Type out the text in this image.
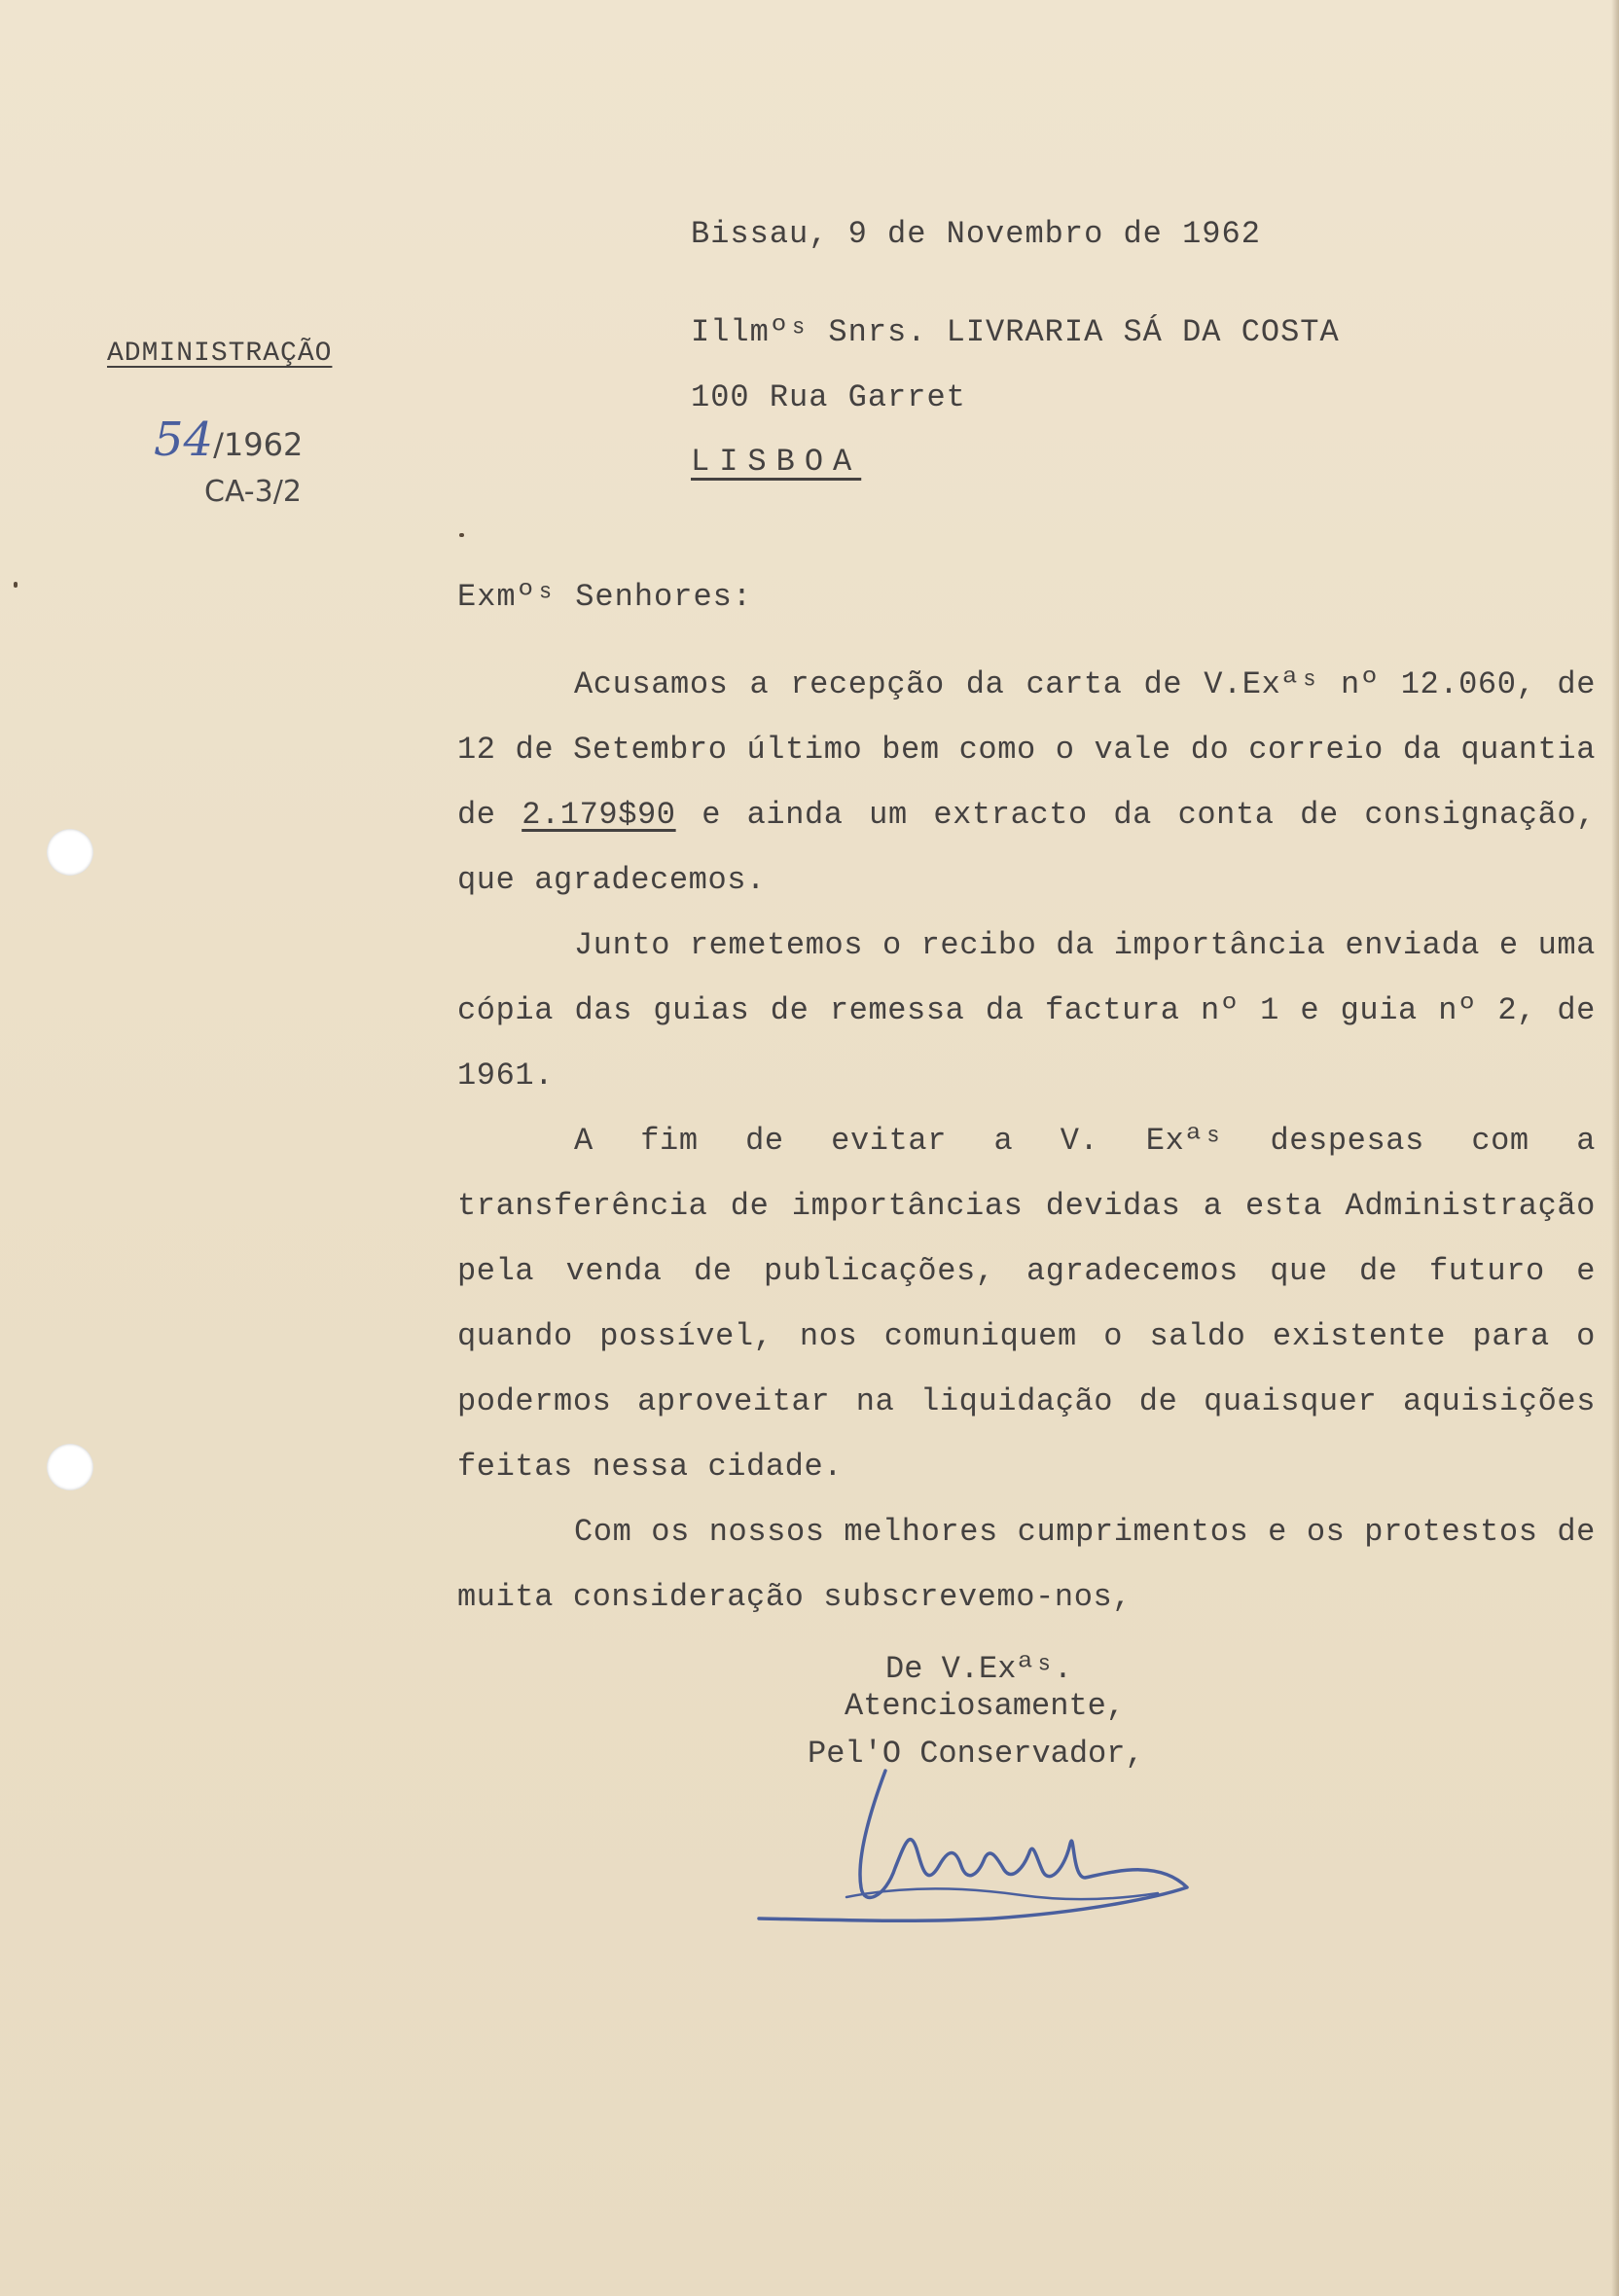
Bissau, 9 de Novembro de 1962
Illmºˢ Snrs. LIVRARIA SÁ DA COSTA
100 Rua Garret
LISBOA
ADMINISTRAÇÃO
54/1962
CA-3/2
Exmºˢ Senhores:

Acusamos a recepção da carta de V.Exªˢ nº 12.060, de 12 de Setembro último bem como o vale do correio da quantia de 2.179$90 e ainda um extracto da conta de consignação, que agradecemos.

Junto remetemos o recibo da importância enviada e uma cópia das guias de remessa da factura nº 1 e guia nº 2, de 1961.

A fim de evitar a V. Exªˢ despesas com a transferência de importâncias devidas a esta Administração pela venda de publicações, agradecemos que de futuro e quando possível, nos comuniquem o saldo existente para o podermos aproveitar na liquidação de quaisquer aquisições feitas nessa cidade.

Com os nossos melhores cumprimentos e os protestos de muita consideração subscrevemo-nos,

De V.Exªˢ.
Atenciosamente,
Pel'O Conservador,
